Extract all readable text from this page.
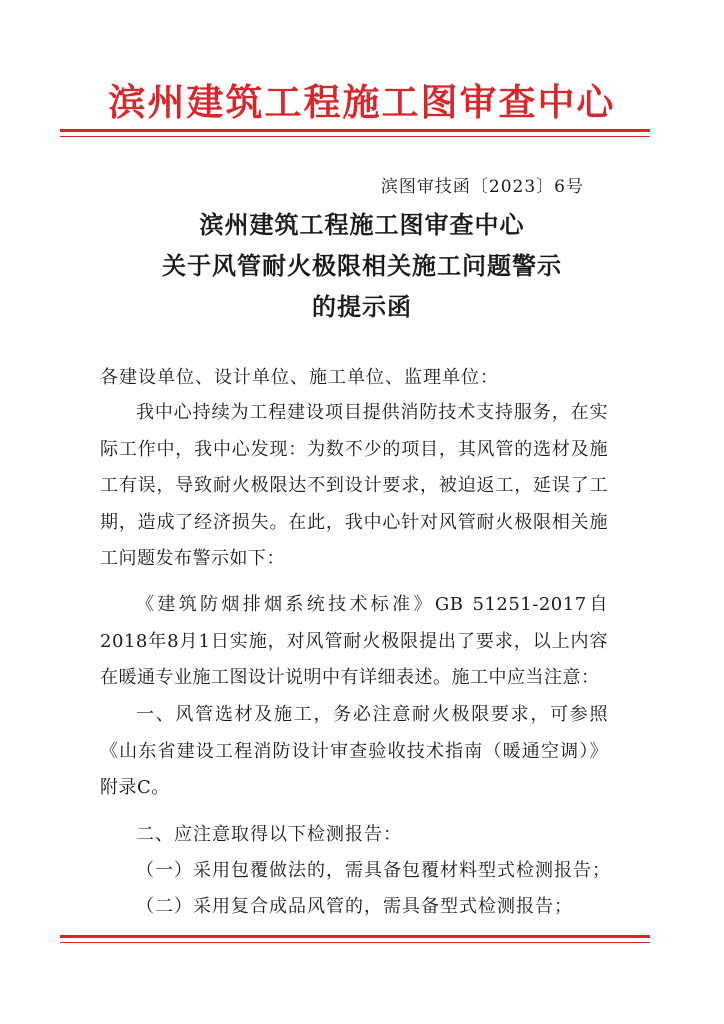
滨州建筑工程施工图审查中心
滨图审技函〔2023〕6号
滨州建筑工程施工图审查中心
关于风管耐火极限相关施工问题警示
的提示函
各建设单位、设计单位、施工单位、监理单位：
我中心持续为工程建设项目提供消防技术支持服务，在实际工作中，我中心发现：为数不少的项目，其风管的选材及施工有误，导致耐火极限达不到设计要求，被迫返工，延误了工期，造成了经济损失。在此，我中心针对风管耐火极限相关施工问题发布警示如下：
《建筑防烟排烟系统技术标准》GB 51251-2017自2018年8月1日实施，对风管耐火极限提出了要求，以上内容在暖通专业施工图设计说明中有详细表述。施工中应当注意：
一、风管选材及施工，务必注意耐火极限要求，可参照《山东省建设工程消防设计审查验收技术指南（暖通空调）》附录C。
二、应注意取得以下检测报告：
（一）采用包覆做法的，需具备包覆材料型式检测报告；
（二）采用复合成品风管的，需具备型式检测报告；
